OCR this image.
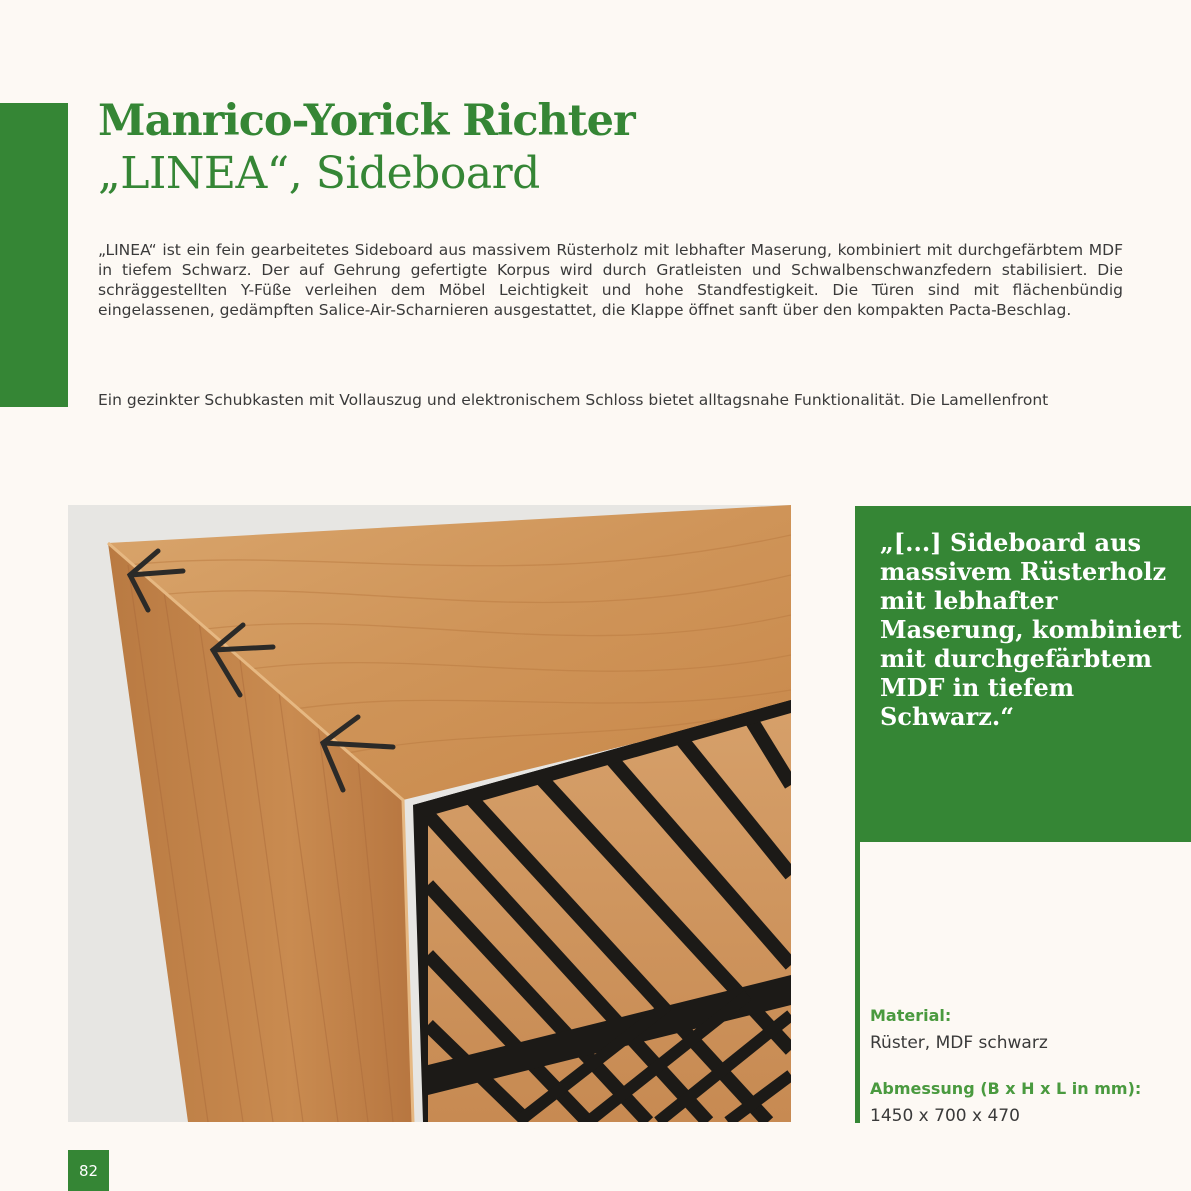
Manrico-Yorick Richter
„LINEA“, Sideboard

„LINEA“ ist ein fein gearbeitetes Sideboard aus massivem Rüsterholz mit lebhafter Maserung, kombiniert mit durchgefärbtem MDF in tiefem Schwarz. Der auf Gehrung gefertigte Korpus wird durch Gratleisten und Schwalbenschwanzfedern stabilisiert. Die schräggestellten Y-Füße verleihen dem Möbel Leichtigkeit und hohe Standfestigkeit. Die Türen sind mit flächenbündig eingelassenen, gedämpften Salice-Air-Scharnieren ausgestattet, die Klappe öffnet sanft über den kompakten Pacta-Beschlag.

Ein gezinkter Schubkasten mit Vollauszug und elektronischem Schloss bietet alltagsnahe Funktionalität. Die Lamellenfront

„[...] Sideboard aus massivem Rüsterholz mit lebhafter Maserung, kombiniert mit durchgefärbtem MDF in tiefem Schwarz.“

Material:

Rüster, MDF schwarz

Abmessung (B x H x L in mm):

1450 x 700 x 470

82
